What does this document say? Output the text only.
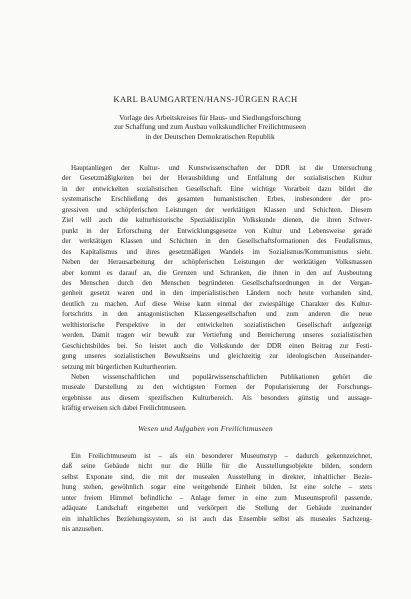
KARL BAUMGARTEN/HANS-JÜRGEN RACH
Vorlage des Arbeitskreises für Haus- und Siedlungsforschung
zur Schaffung und zum Ausbau volkskundlicher Freilichtmuseen
in der Deutschen Demokratischen Republik
Hauptanliegen der Kultur- und Kunstwissenschaften der DDR ist die Untersuchung
der Gesetzmäßigkeiten bei der Herausbildung und Entfaltung der sozialistischen Kultur
in der entwickelten sozialistischen Gesellschaft. Eine wichtige Vorarbeit dazu bildet die
systematische Erschließung des gesamten humanistischen Erbes, insbesondere der pro-
gressiven und schöpferischen Leistungen der werktätigen Klassen und Schichten. Diesem
Ziel will auch die kulturhistorische Spezialdisziplin Volkskunde dienen, die ihren Schwer-
punkt in der Erforschung der Entwicklungsgesetze von Kultur und Lebensweise gerade
der werktätigen Klassen und Schichten in den Gesellschaftsformationen des Feudalismus,
des Kapitalismus und ihres gesetzmäßigen Wandels im Sozialismus/Kommunismus sieht.
Neben der Herausarbeitung der schöpferischen Leistungen der werktätigen Volksmassen
aber kommt es darauf an, die Grenzen und Schranken, die ihnen in den auf Ausbeutung
des Menschen durch den Menschen begründeten Gesellschaftsordnungen in der Vergan-
genheit gesetzt waren und in den imperialistischen Ländern noch heute vorhanden sind,
deutlich zu machen. Auf diese Weise kann einmal der zwiespältige Charakter des Kultur-
fortschritts in den antagonistischen Klassengesellschaften und zum anderen die neue
welthistorische Perspektive in der entwickelten sozialistischen Gesellschaft aufgezeigt
werden. Damit tragen wir bewußt zur Vertiefung und Bereicherung unseres sozialistischen
Geschichtsbildes bei. So leistet auch die Volkskunde der DDR einen Beitrag zur Festi-
gung unseres sozialistischen Bewußtseins und gleichzeitig zur ideologischen Auseinander-
setzung mit bürgerlichen Kulturtheorien.
Neben wissenschaftlichen und populärwissenschaftlichen Publikationen gehört die
museale Darstellung zu den wichtigsten Formen der Popularisierung der Forschungs-
ergebnisse aus diesem spezifischen Kulturbereich. Als besonders günstig und aussage-
kräftig erweisen sich dabei Freilichtmuseen.
Wesen und Aufgaben von Freilichtmuseen
Ein Freilichtmuseum ist – als ein besonderer Museumstyp – dadurch gekennzeichnet,
daß seine Gebäude nicht nur die Hülle für die Ausstellungsobjekte bilden, sondern
selbst Exponate sind, die mit der musealen Ausstellung in direkter, inhaltlicher Bezie-
hung stehen, gewöhnlich sogar eine weitgehende Einheit bilden. Ist eine solche – stets
unter freiem Himmel befindliche – Anlage ferner in eine zum Museumsprofil passende,
adäquate Landschaft eingebettet und verkörpert die Stellung der Gebäude zueinander
ein inhaltliches Beziehungssystem, so ist auch das Ensemble selbst als museales Sachzeug-
nis anzusehen.
